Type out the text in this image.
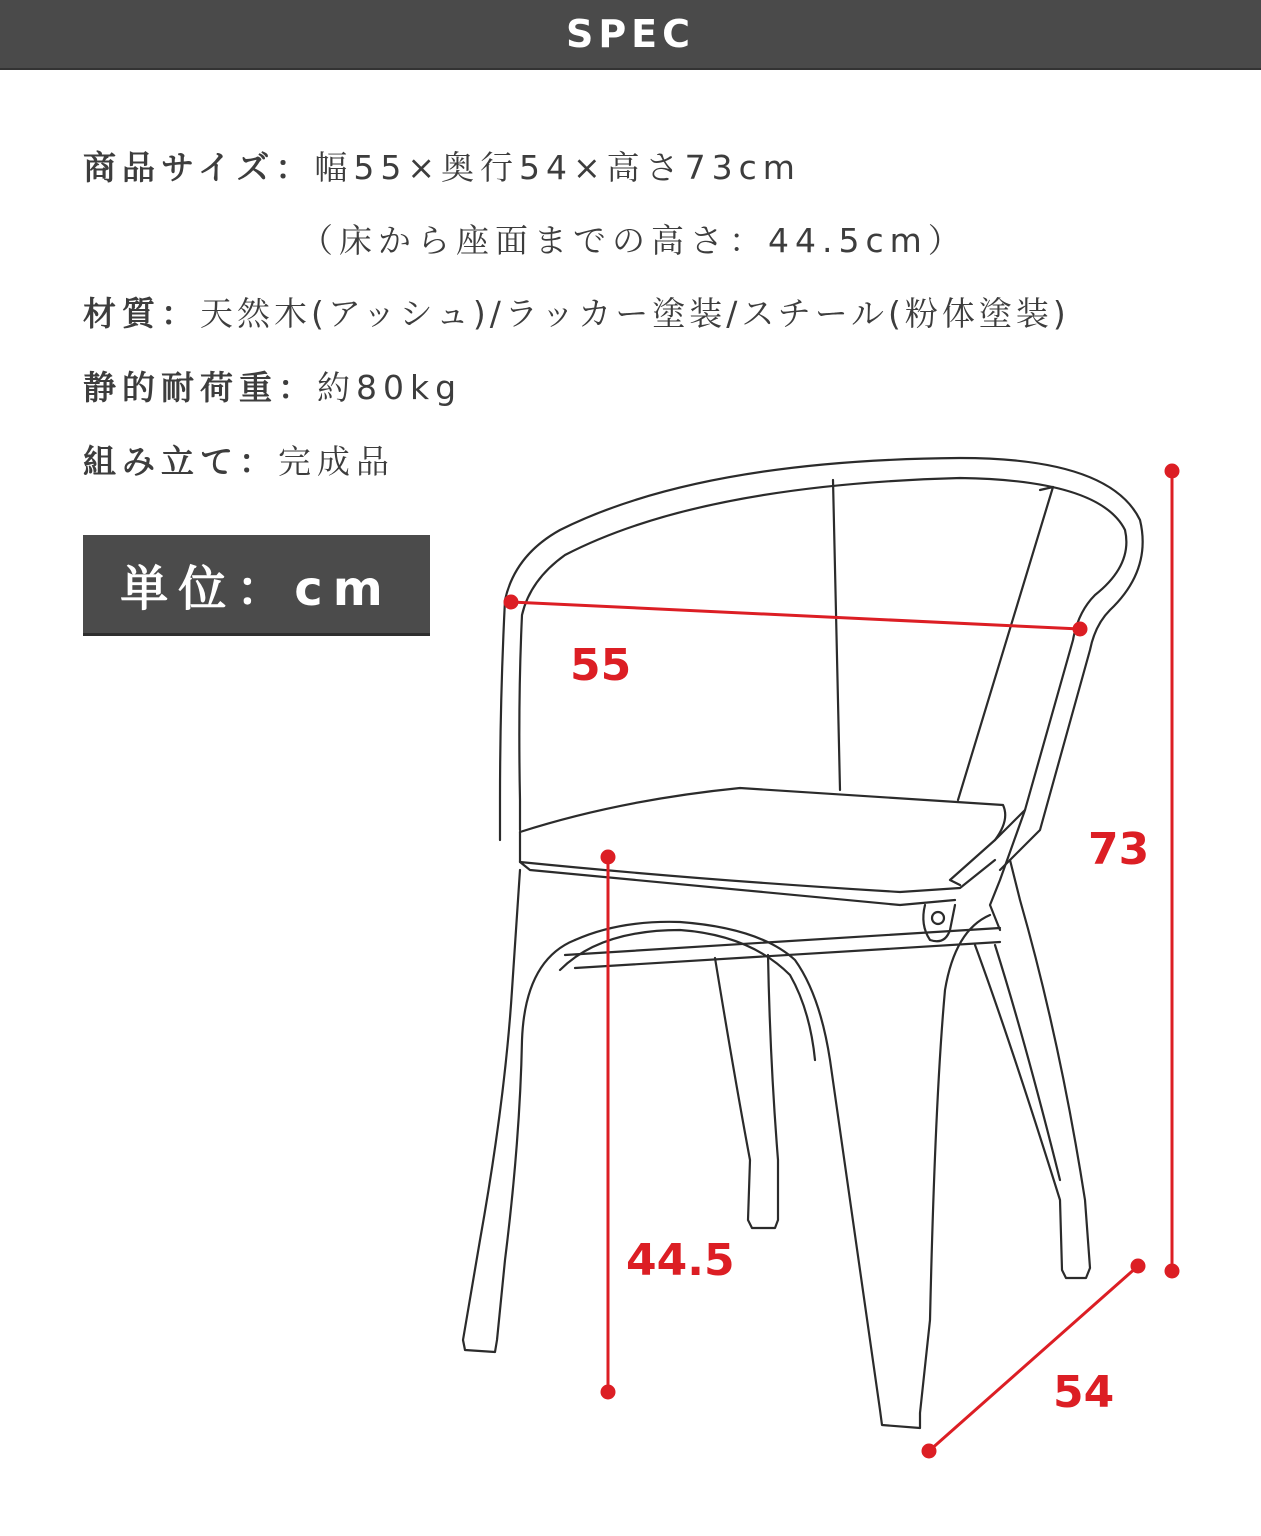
SPEC
商品サイズ：幅55×奥行54×高さ73cm
（床から座面までの高さ：44.5cm）
材質：天然木(アッシュ)/ラッカー塗装/スチール(粉体塗装)
静的耐荷重：約80kg
組み立て：完成品
単位：cm
55
73
44.5
54
